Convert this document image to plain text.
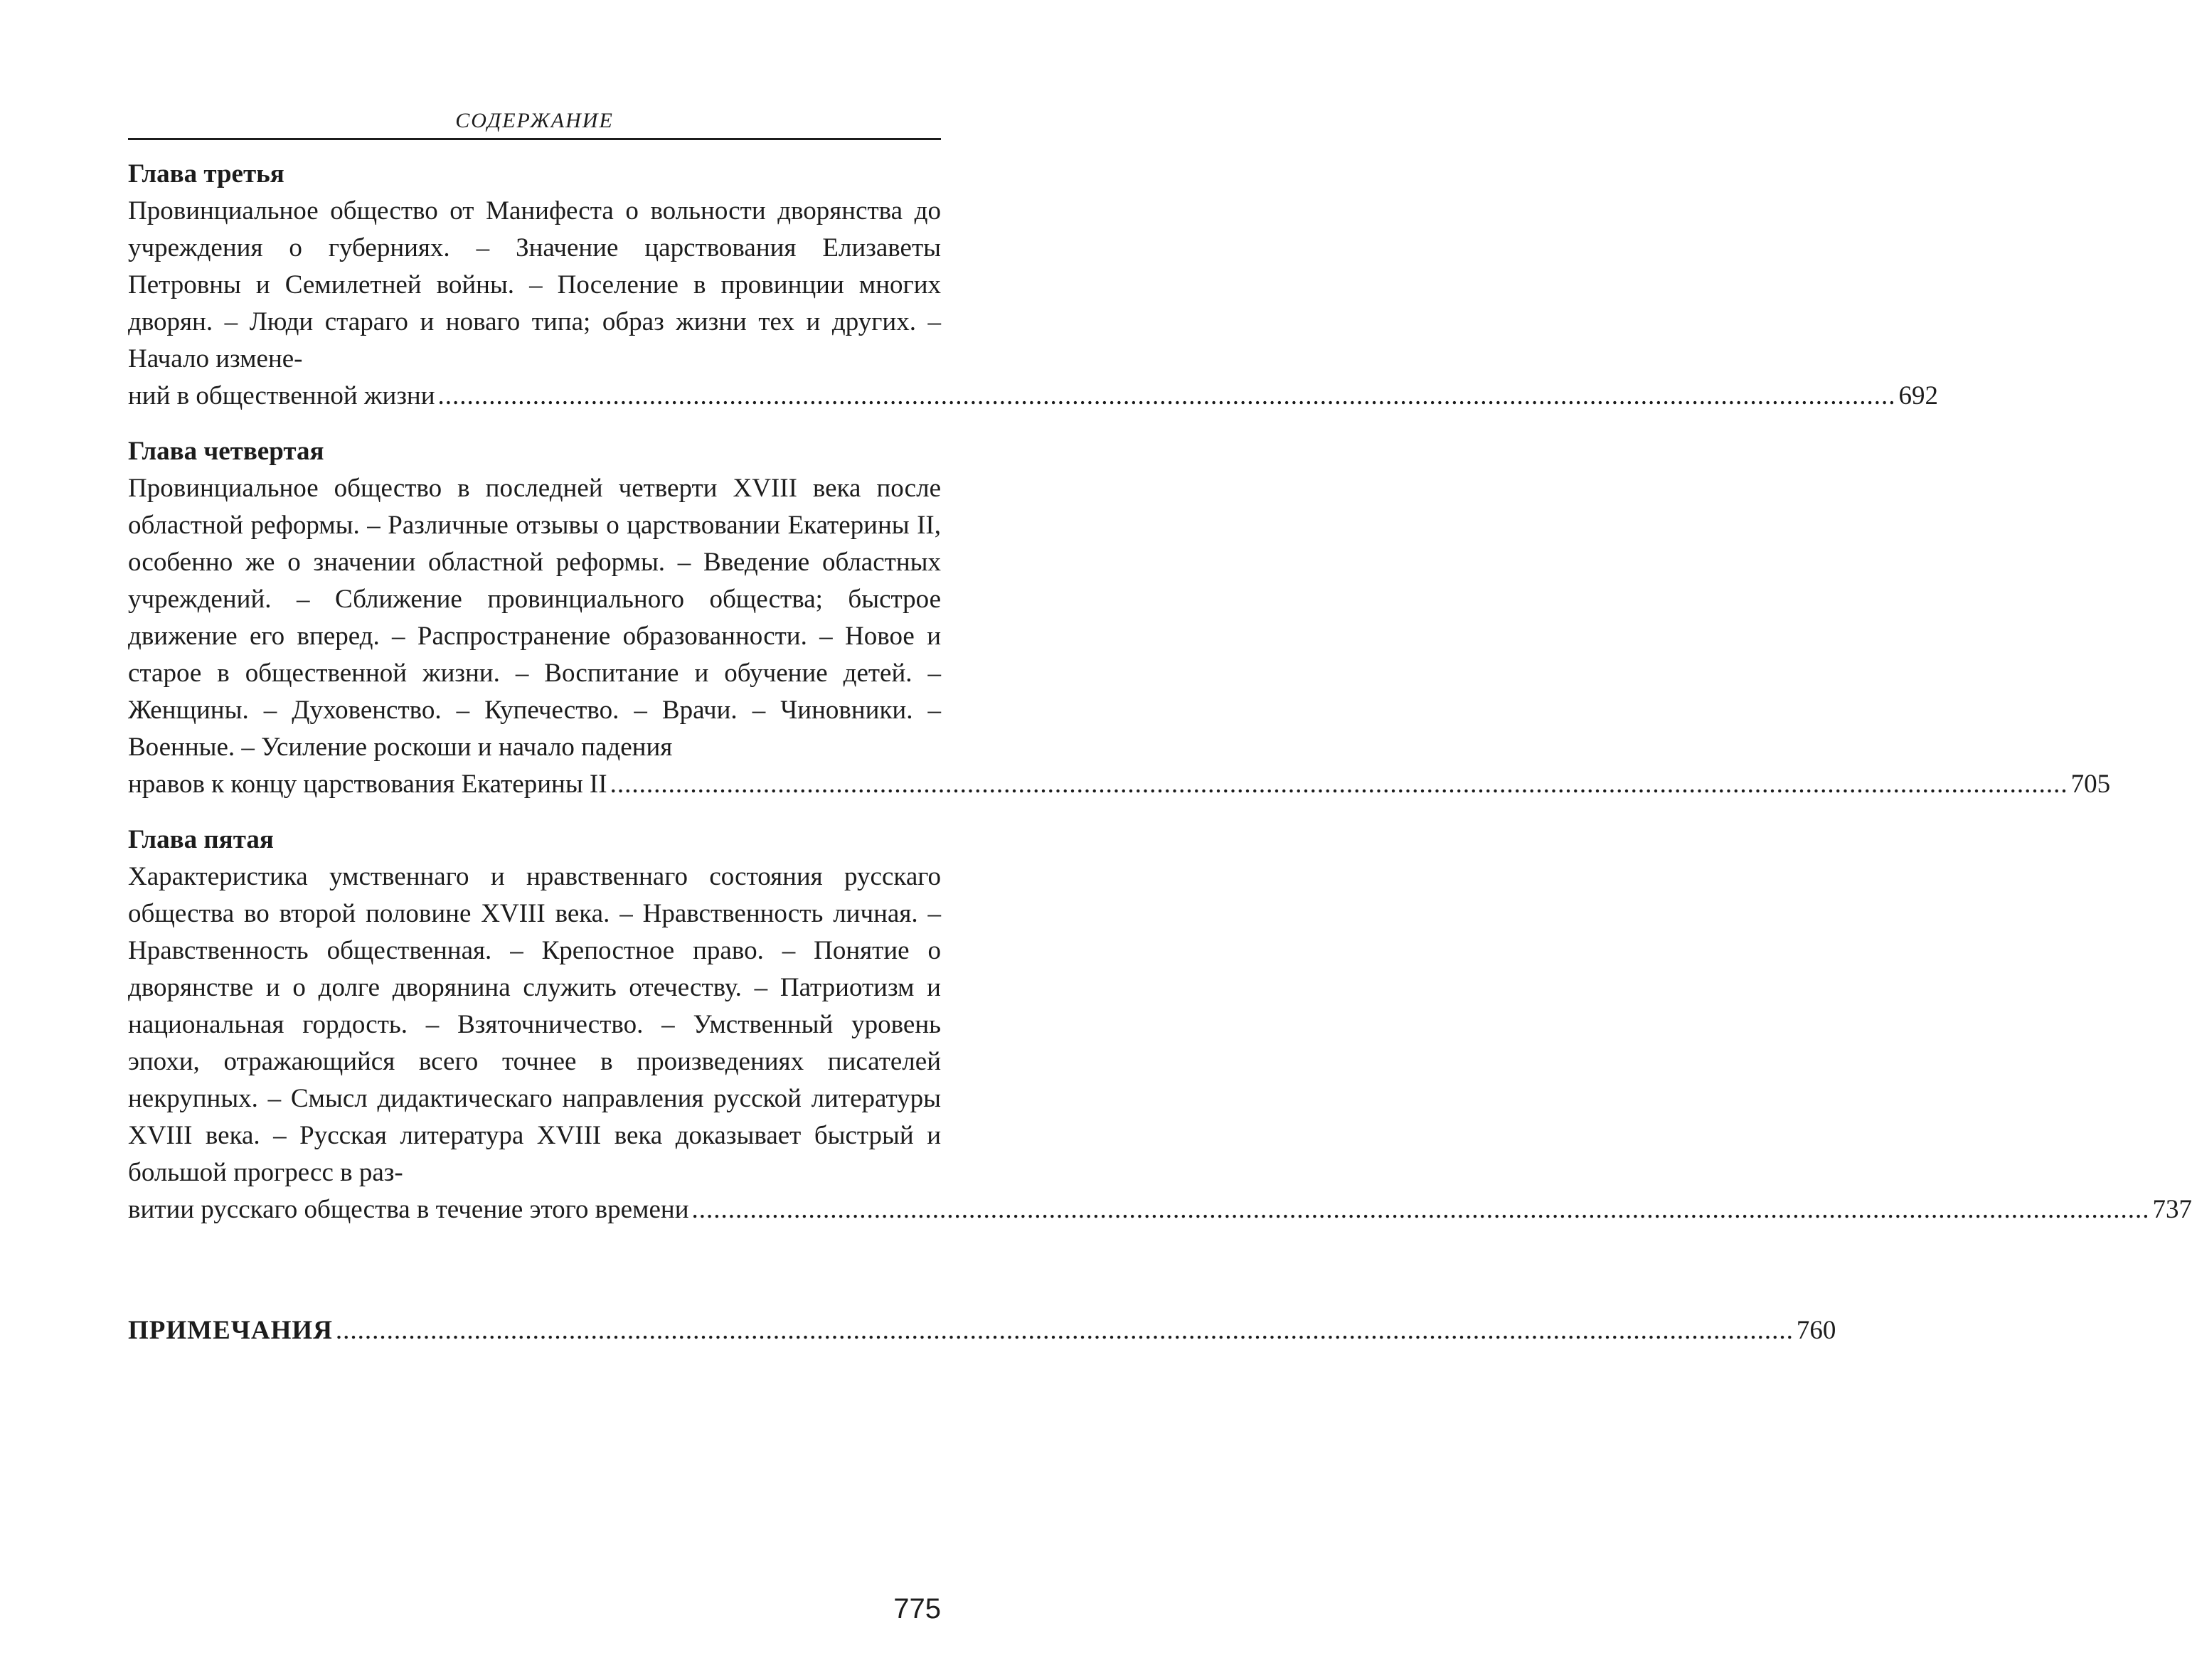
СОДЕРЖАНИЕ
Глава третья
Провинциальное общество от Манифеста о вольности дворянства до учреждения о губерниях. – Значение царствования Елизаветы Петровны и Семилетней войны. – Поселение в провинции многих дворян. – Люди стараго и новаго типа; образ жизни тех и других. – Начало измене-
ний в общественной жизни ........................................................................................................................................................................................................ 692
Глава четвертая
Провинциальное общество в последней четверти XVIII века после областной реформы. – Различные отзывы о царствовании Екатерины II, особенно же о значении областной реформы. – Введение областных учреждений. – Сближение провинциального общества; быстрое движение его вперед. – Распространение образованности. – Новое и старое в общественной жизни. – Воспитание и обучение детей. – Женщины. – Духовенство. – Купечество. – Врачи. – Чиновники. – Военные. – Усиление роскоши и начало падения
нравов к концу царствования Екатерины II ........................................................................................................................................................................................................ 705
Глава пятая
Характеристика умственнаго и нравственнаго состояния русскаго общества во второй половине XVIII века. – Нравственность личная. – Нравственность общественная. – Крепостное право. – Понятие о дворянстве и о долге дворянина служить отечеству. – Патриотизм и национальная гордость. – Взяточничество. – Умственный уровень эпохи, отражающийся всего точнее в произведениях писателей некрупных. – Смысл дидактическаго направления русской литературы XVIII века. – Русская литература XVIII века доказывает быстрый и большой прогресс в раз-
витии русскаго общества в течение этого времени ........................................................................................................................................................................................................ 737
ПРИМЕЧАНИЯ ........................................................................................................................................................................................................ 760
775
